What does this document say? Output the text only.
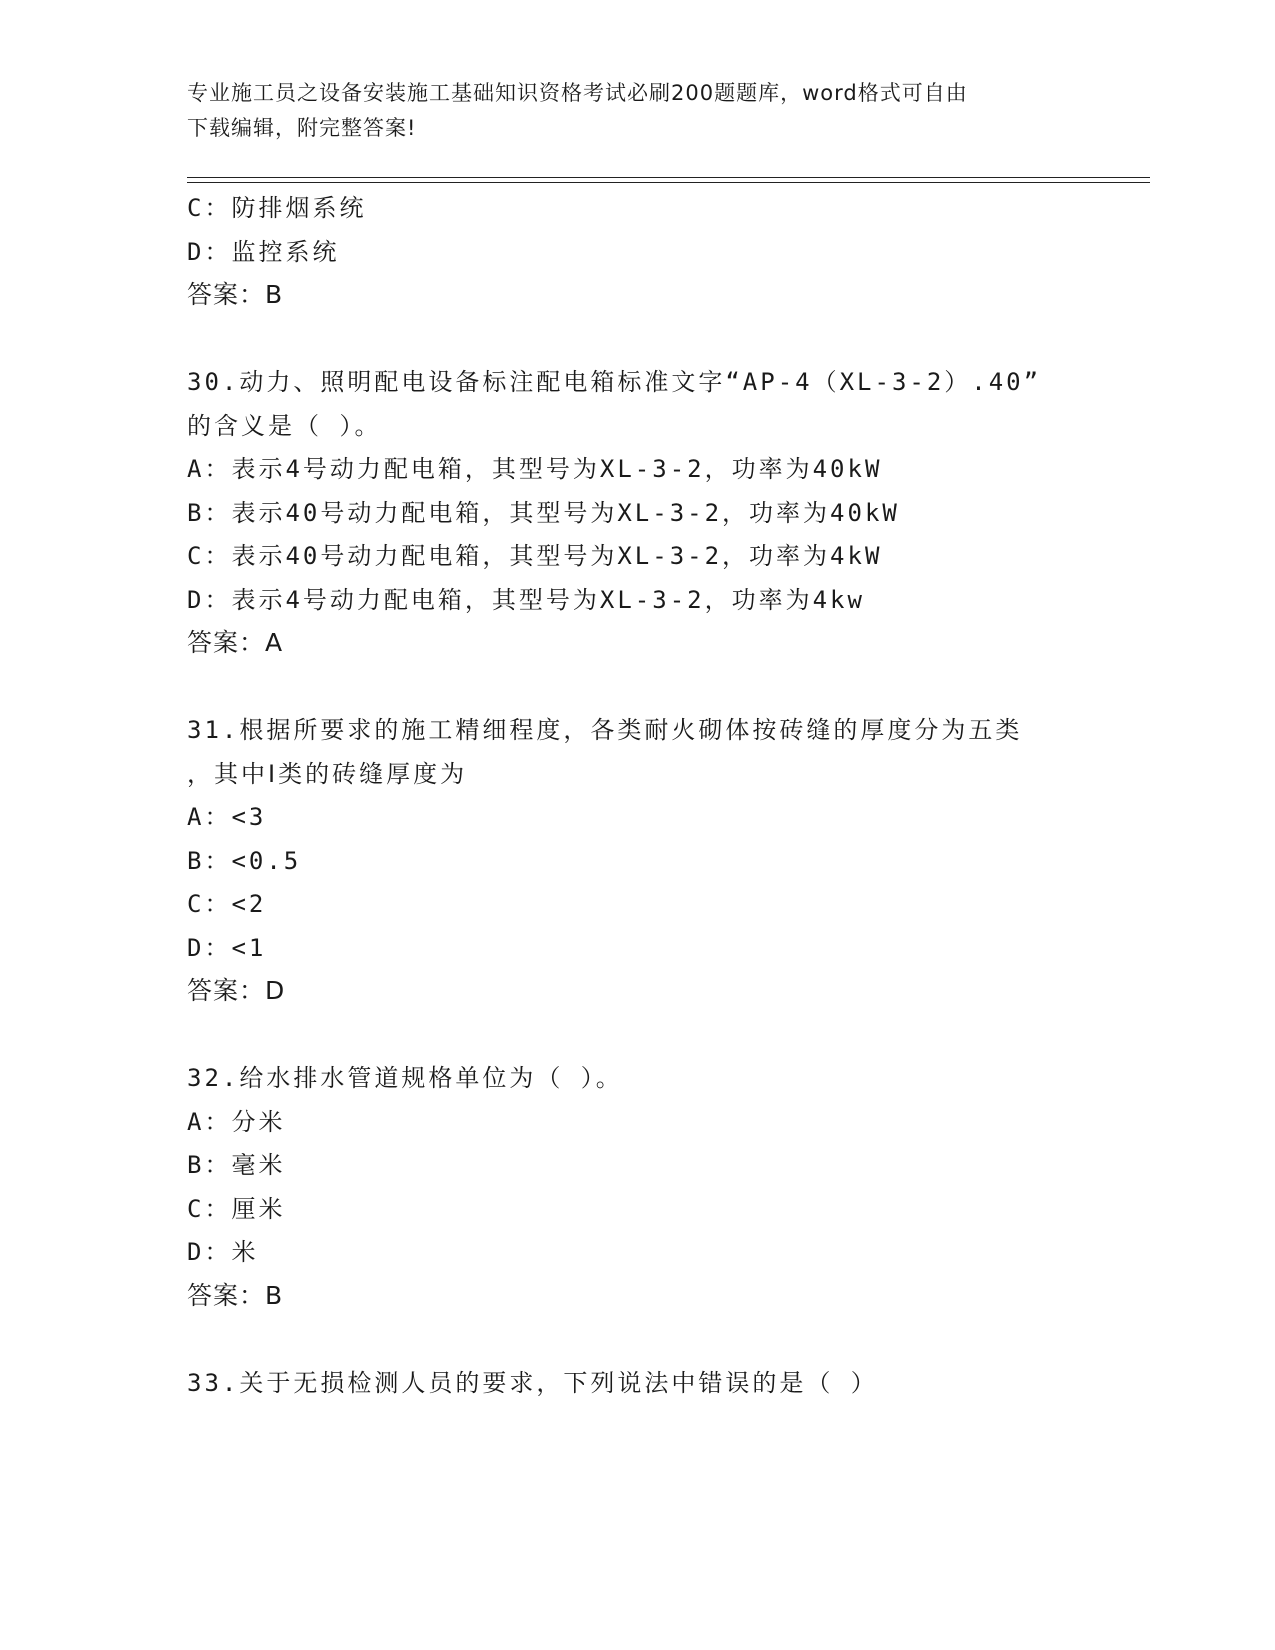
专业施工员之设备安装施工基础知识资格考试必刷200题题库，word格式可自由
下载编辑，附完整答案!
C：防排烟系统
D：监控系统
答案：B
30.动力、照明配电设备标注配电箱标准文字“AP-4（XL-3-2）.40”
的含义是（ ）。
A：表示4号动力配电箱，其型号为XL-3-2，功率为40kW
B：表示40号动力配电箱，其型号为XL-3-2，功率为40kW
C：表示40号动力配电箱，其型号为XL-3-2，功率为4kW
D：表示4号动力配电箱，其型号为XL-3-2，功率为4kw
答案：A
31.根据所要求的施工精细程度，各类耐火砌体按砖缝的厚度分为五类
，其中Ⅰ类的砖缝厚度为
A：<3
B：<0.5
C：<2
D：<1
答案：D
32.给水排水管道规格单位为（ ）。
A：分米
B：毫米
C：厘米
D：米
答案：B
33.关于无损检测人员的要求，下列说法中错误的是（ ）
